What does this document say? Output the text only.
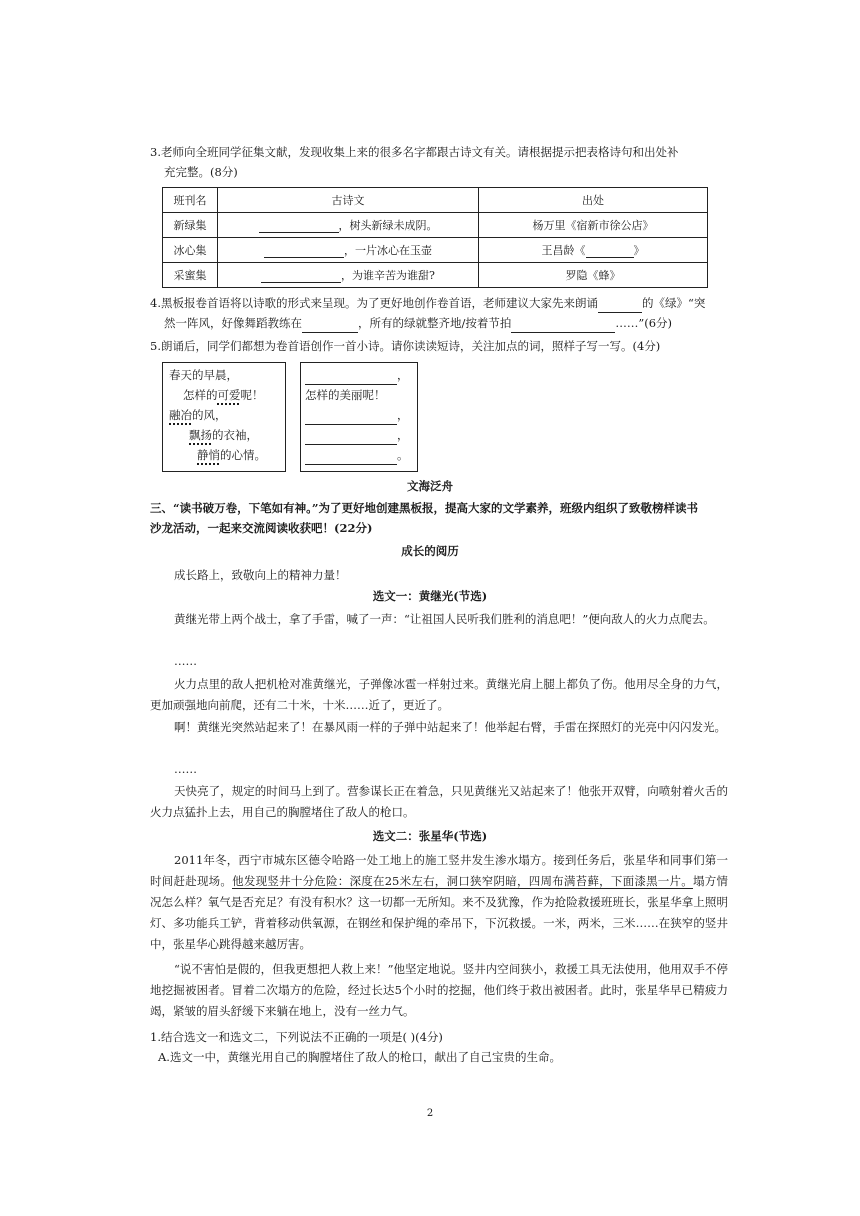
3.老师向全班同学征集文献，发现收集上来的很多名字都跟古诗文有关。请根据提示把表格诗句和出处补
充完整。(8分)
班刊名	古诗文	出处
新绿集	，树头新绿未成阴。	杨万里《宿新市徐公店》
冰心集	，一片冰心在玉壶	王昌龄《 》
采蜜集	，为谁辛苦为谁甜?	罗隐《蜂》
4.黑板报卷首语将以诗歌的形式来呈现。为了更好地创作卷首语，老师建议大家先来朗诵	的《绿》“突
然一阵风，好像舞蹈教练在	，所有的绿就整齐地/按着节拍	……”(6分)
5.朗诵后，同学们都想为卷首语创作一首小诗。请你读读短诗，关注加点的词，照样子写一写。(4分)
春天的早晨，
怎样的可爱呢！
融冶的风，
飘扬的衣袖，
静悄的心情。
，
怎样的美丽呢！
，
，
。
文海泛舟
三、“读书破万卷，下笔如有神。”为了更好地创建黑板报，提高大家的文学素养，班级内组织了致敬榜样读书
沙龙活动，一起来交流阅读收获吧！(22分)
成长的阅历
成长路上，致敬向上的精神力量！
选文一：黄继光(节选)
黄继光带上两个战士，拿了手雷，喊了一声：“让祖国人民听我们胜利的消息吧！”便向敌人的火力点爬去。
……
火力点里的敌人把机枪对准黄继光，子弹像冰雹一样射过来。黄继光肩上腿上都负了伤。他用尽全身的力气，更加顽强地向前爬，还有二十米，十米……近了，更近了。
啊！黄继光突然站起来了！在暴风雨一样的子弹中站起来了！他举起右臂，手雷在探照灯的光亮中闪闪发光。
……
天快亮了，规定的时间马上到了。营参谋长正在着急，只见黄继光又站起来了！他张开双臂，向喷射着火舌的火力点猛扑上去，用自己的胸膛堵住了敌人的枪口。
选文二：张星华(节选)
2011年冬，西宁市城东区德令哈路一处工地上的施工竖井发生渗水塌方。接到任务后，张星华和同事们第一时间赶赴现场。他发现竖井十分危险：深度在25米左右，洞口狭窄阴暗，四周布满苔藓，下面漆黑一片。塌方情况怎么样？氧气是否充足？有没有积水？这一切都一无所知。来不及犹豫，作为抢险救援班班长，张星华拿上照明灯、多功能兵工铲，背着移动供氧源，在钢丝和保护绳的牵吊下，下沉救援。一米，两米，三米……在狭窄的竖井中，张星华心跳得越来越厉害。
“说不害怕是假的，但我更想把人救上来！”他坚定地说。竖井内空间狭小，救援工具无法使用，他用双手不停地挖掘被困者。冒着二次塌方的危险，经过长达5个小时的挖掘，他们终于救出被困者。此时，张星华早已精疲力竭，紧皱的眉头舒缓下来躺在地上，没有一丝力气。
1.结合选文一和选文二，下列说法不正确的一项是( )(4分)
A.选文一中，黄继光用自己的胸膛堵住了敌人的枪口，献出了自己宝贵的生命。
2
